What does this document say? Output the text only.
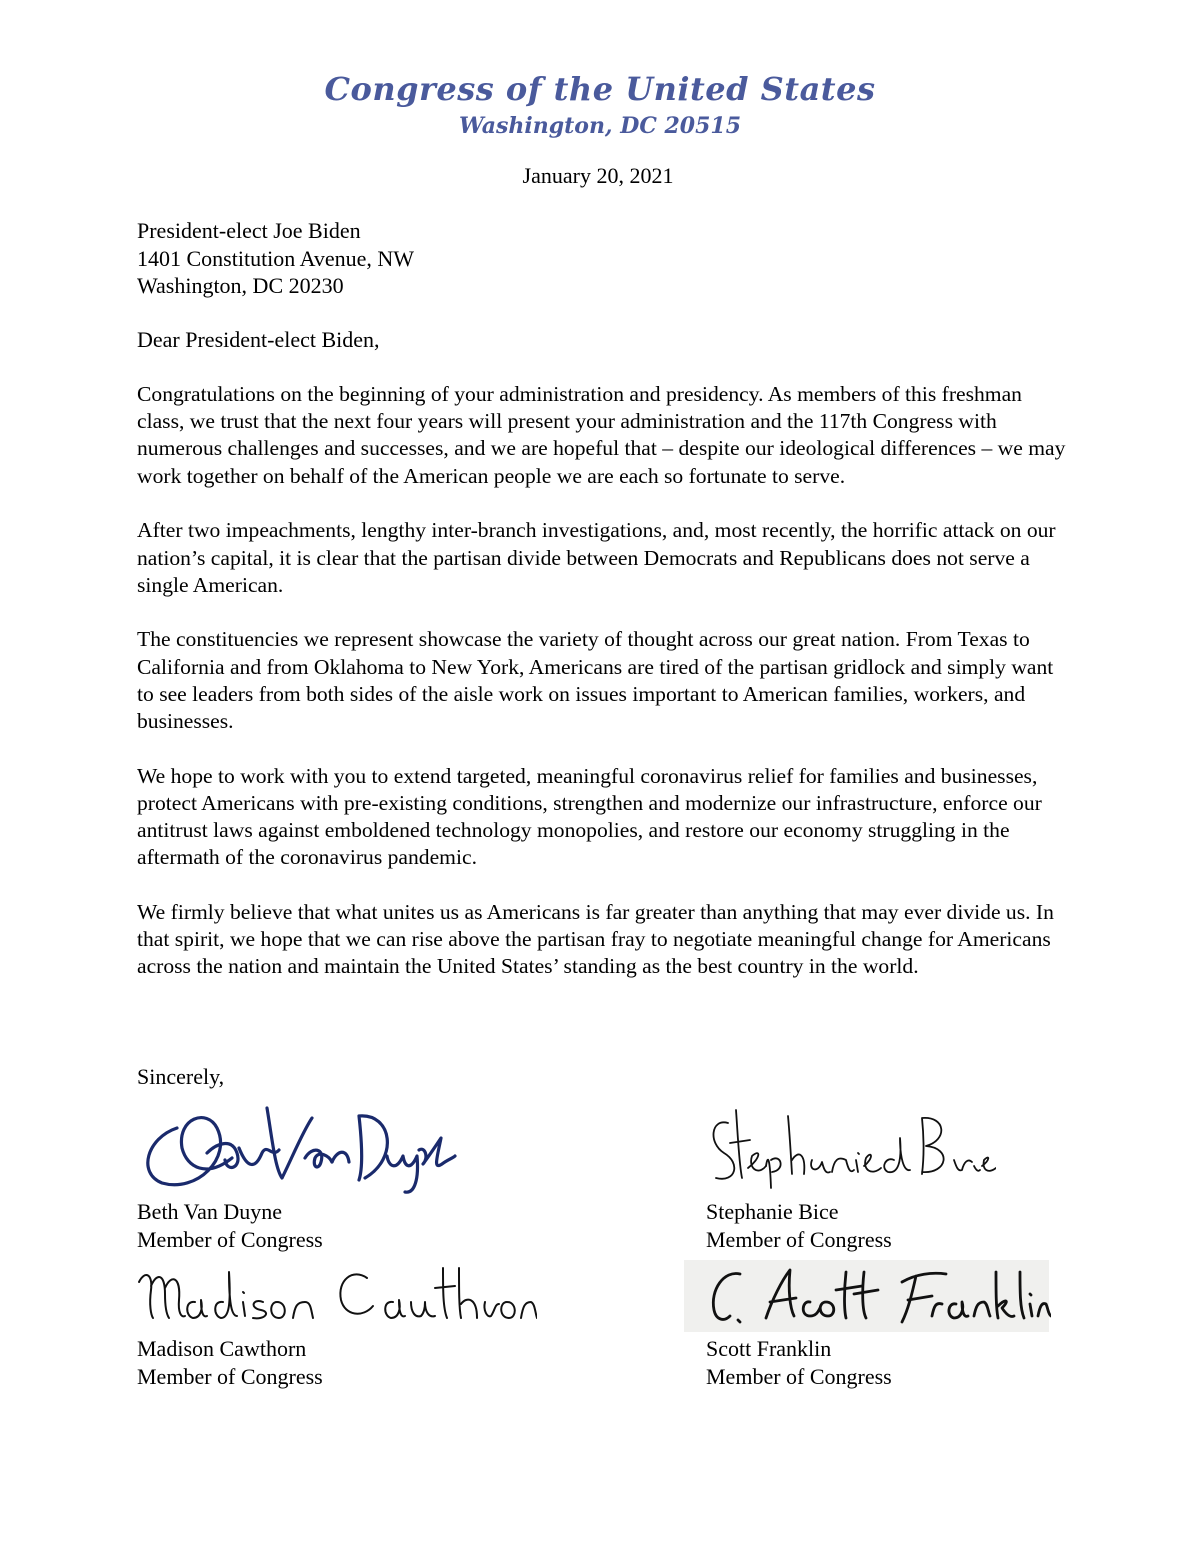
Congress of the United States
Washington, DC 20515
January 20, 2021
President-elect Joe Biden
1401 Constitution Avenue, NW
Washington, DC 20230
Dear President-elect Biden,

Congratulations on the beginning of your administration and presidency. As members of this freshman class, we trust that the next four years will present your administration and the 117th Congress with numerous challenges and successes, and we are hopeful that – despite our ideological differences – we may work together on behalf of the American people we are each so fortunate to serve.

After two impeachments, lengthy inter-branch investigations, and, most recently, the horrific attack on our nation’s capital, it is clear that the partisan divide between Democrats and Republicans does not serve a single American.

The constituencies we represent showcase the variety of thought across our great nation. From Texas to California and from Oklahoma to New York, Americans are tired of the partisan gridlock and simply want to see leaders from both sides of the aisle work on issues important to American families, workers, and businesses.

We hope to work with you to extend targeted, meaningful coronavirus relief for families and businesses, protect Americans with pre-existing conditions, strengthen and modernize our infrastructure, enforce our antitrust laws against emboldened technology monopolies, and restore our economy struggling in the aftermath of the coronavirus pandemic.

We firmly believe that what unites us as Americans is far greater than anything that may ever divide us. In that spirit, we hope that we can rise above the partisan fray to negotiate meaningful change for Americans across the nation and maintain the United States’ standing as the best country in the world.

Sincerely,
Beth Van Duyne
Member of Congress
Stephanie Bice
Member of Congress
Madison Cawthorn
Member of Congress
Scott Franklin
Member of Congress
